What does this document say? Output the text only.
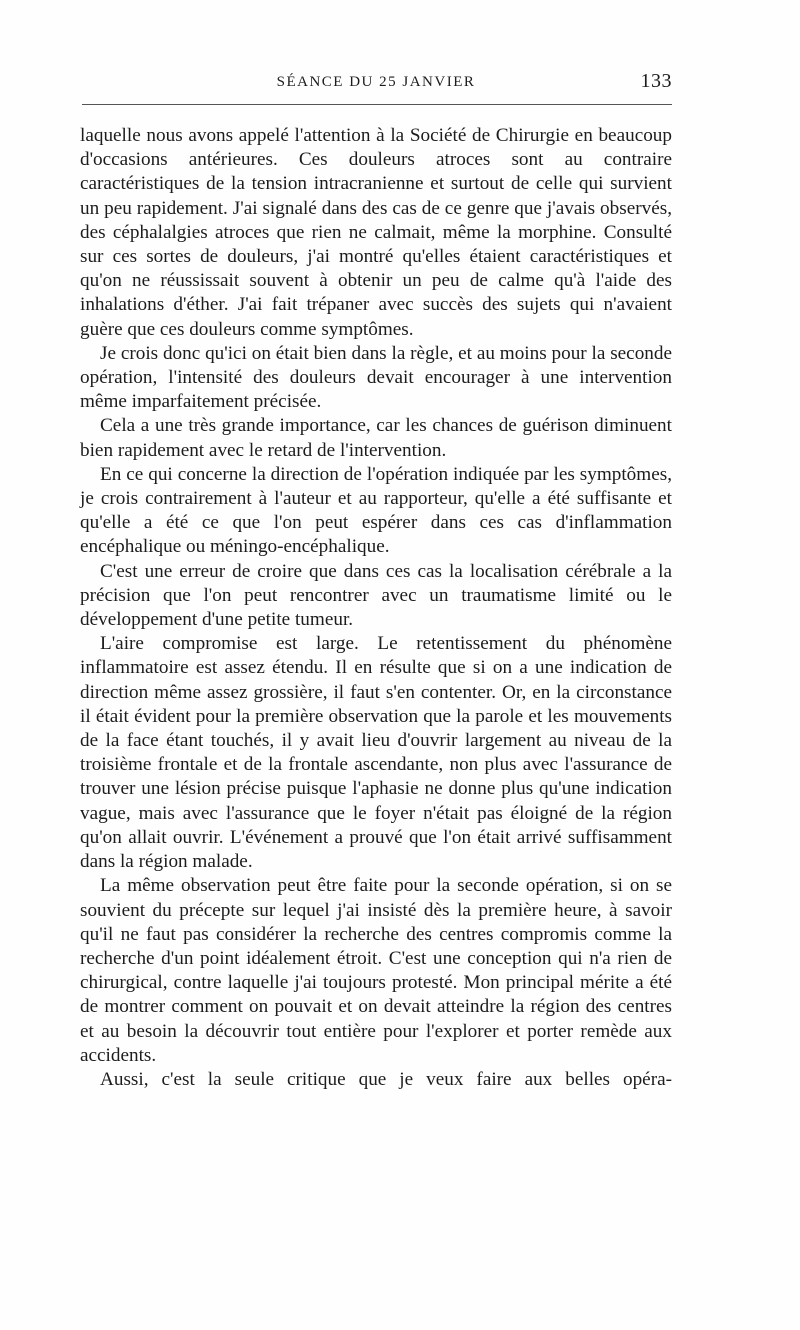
SÉANCE DU 25 JANVIER	133

laquelle nous avons appelé l'attention à la Société de Chirurgie en beaucoup d'occasions antérieures. Ces douleurs atroces sont au contraire caractéristiques de la tension intracranienne et surtout de celle qui survient un peu rapidement. J'ai signalé dans des cas de ce genre que j'avais observés, des céphalalgies atroces que rien ne calmait, même la morphine. Consulté sur ces sortes de douleurs, j'ai montré qu'elles étaient caractéristiques et qu'on ne réussissait souvent à obtenir un peu de calme qu'à l'aide des inhalations d'éther. J'ai fait trépaner avec succès des sujets qui n'avaient guère que ces douleurs comme symptômes.

Je crois donc qu'ici on était bien dans la règle, et au moins pour la seconde opération, l'intensité des douleurs devait encourager à une intervention même imparfaitement précisée.

Cela a une très grande importance, car les chances de guérison diminuent bien rapidement avec le retard de l'intervention.

En ce qui concerne la direction de l'opération indiquée par les symptômes, je crois contrairement à l'auteur et au rapporteur, qu'elle a été suffisante et qu'elle a été ce que l'on peut espérer dans ces cas d'inflammation encéphalique ou méningo-encéphalique.

C'est une erreur de croire que dans ces cas la localisation cérébrale a la précision que l'on peut rencontrer avec un traumatisme limité ou le développement d'une petite tumeur.

L'aire compromise est large. Le retentissement du phénomène inflammatoire est assez étendu. Il en résulte que si on a une indication de direction même assez grossière, il faut s'en contenter. Or, en la circonstance il était évident pour la première observation que la parole et les mouvements de la face étant touchés, il y avait lieu d'ouvrir largement au niveau de la troisième frontale et de la frontale ascendante, non plus avec l'assurance de trouver une lésion précise puisque l'aphasie ne donne plus qu'une indication vague, mais avec l'assurance que le foyer n'était pas éloigné de la région qu'on allait ouvrir. L'événement a prouvé que l'on était arrivé suffisamment dans la région malade.

La même observation peut être faite pour la seconde opération, si on se souvient du précepte sur lequel j'ai insisté dès la première heure, à savoir qu'il ne faut pas considérer la recherche des centres compromis comme la recherche d'un point idéalement étroit. C'est une conception qui n'a rien de chirurgical, contre laquelle j'ai toujours protesté. Mon principal mérite a été de montrer comment on pouvait et on devait atteindre la région des centres et au besoin la découvrir tout entière pour l'explorer et porter remède aux accidents.

Aussi, c'est la seule critique que je veux faire aux belles opéra-
